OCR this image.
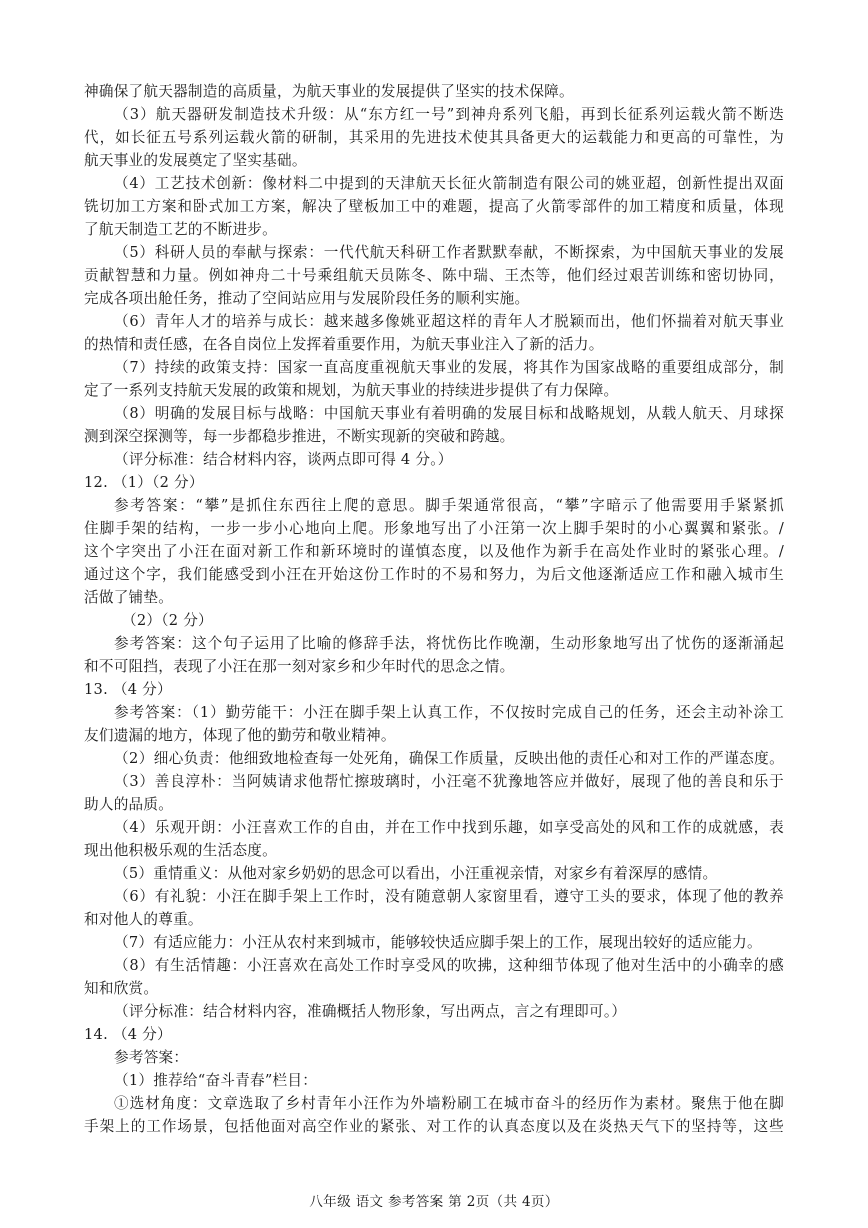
神确保了航天器制造的高质量，为航天事业的发展提供了坚实的技术保障。
（3）航天器研发制造技术升级：从“东方红一号”到神舟系列飞船，再到长征系列运载火箭不断迭
代，如长征五号系列运载火箭的研制，其采用的先进技术使其具备更大的运载能力和更高的可靠性，为
航天事业的发展奠定了坚实基础。
（4）工艺技术创新：像材料二中提到的天津航天长征火箭制造有限公司的姚亚超，创新性提出双面
铣切加工方案和卧式加工方案，解决了壁板加工中的难题，提高了火箭零部件的加工精度和质量，体现
了航天制造工艺的不断进步。
（5）科研人员的奉献与探索：一代代航天科研工作者默默奉献，不断探索，为中国航天事业的发展
贡献智慧和力量。例如神舟二十号乘组航天员陈冬、陈中瑞、王杰等，他们经过艰苦训练和密切协同，
完成各项出舱任务，推动了空间站应用与发展阶段任务的顺利实施。
（6）青年人才的培养与成长：越来越多像姚亚超这样的青年人才脱颖而出，他们怀揣着对航天事业
的热情和责任感，在各自岗位上发挥着重要作用，为航天事业注入了新的活力。
（7）持续的政策支持：国家一直高度重视航天事业的发展，将其作为国家战略的重要组成部分，制
定了一系列支持航天发展的政策和规划，为航天事业的持续进步提供了有力保障。
（8）明确的发展目标与战略：中国航天事业有着明确的发展目标和战略规划，从载人航天、月球探
测到深空探测等，每一步都稳步推进，不断实现新的突破和跨越。
（评分标准：结合材料内容，谈两点即可得 4 分。）
12. （1）（2 分）
参考答案：“攀”是抓住东西往上爬的意思。脚手架通常很高，“攀”字暗示了他需要用手紧紧抓
住脚手架的结构，一步一步小心地向上爬。形象地写出了小汪第一次上脚手架时的小心翼翼和紧张。/
这个字突出了小汪在面对新工作和新环境时的谨慎态度，以及他作为新手在高处作业时的紧张心理。/
通过这个字，我们能感受到小汪在开始这份工作时的不易和努力，为后文他逐渐适应工作和融入城市生
活做了铺垫。
（2）（2 分）
参考答案：这个句子运用了比喻的修辞手法，将忧伤比作晚潮，生动形象地写出了忧伤的逐渐涌起
和不可阻挡，表现了小汪在那一刻对家乡和少年时代的思念之情。
13. （4 分）
参考答案：（1）勤劳能干：小汪在脚手架上认真工作，不仅按时完成自己的任务，还会主动补涂工
友们遗漏的地方，体现了他的勤劳和敬业精神。
（2）细心负责：他细致地检查每一处死角，确保工作质量，反映出他的责任心和对工作的严谨态度。
（3）善良淳朴：当阿姨请求他帮忙擦玻璃时，小汪毫不犹豫地答应并做好，展现了他的善良和乐于
助人的品质。
（4）乐观开朗：小汪喜欢工作的自由，并在工作中找到乐趣，如享受高处的风和工作的成就感，表
现出他积极乐观的生活态度。
（5）重情重义：从他对家乡奶奶的思念可以看出，小汪重视亲情，对家乡有着深厚的感情。
（6）有礼貌：小汪在脚手架上工作时，没有随意朝人家窗里看，遵守工头的要求，体现了他的教养
和对他人的尊重。
（7）有适应能力：小汪从农村来到城市，能够较快适应脚手架上的工作，展现出较好的适应能力。
（8）有生活情趣：小汪喜欢在高处工作时享受风的吹拂，这种细节体现了他对生活中的小确幸的感
知和欣赏。
（评分标准：结合材料内容，准确概括人物形象，写出两点，言之有理即可。）
14. （4 分）
参考答案：
（1）推荐给“奋斗青春”栏目：
①选材角度：文章选取了乡村青年小汪作为外墙粉刷工在城市奋斗的经历作为素材。聚焦于他在脚
手架上的工作场景，包括他面对高空作业的紧张、对工作的认真态度以及在炎热天气下的坚持等，这些
八年级 语文 参考答案 第 2页（共 4页）
